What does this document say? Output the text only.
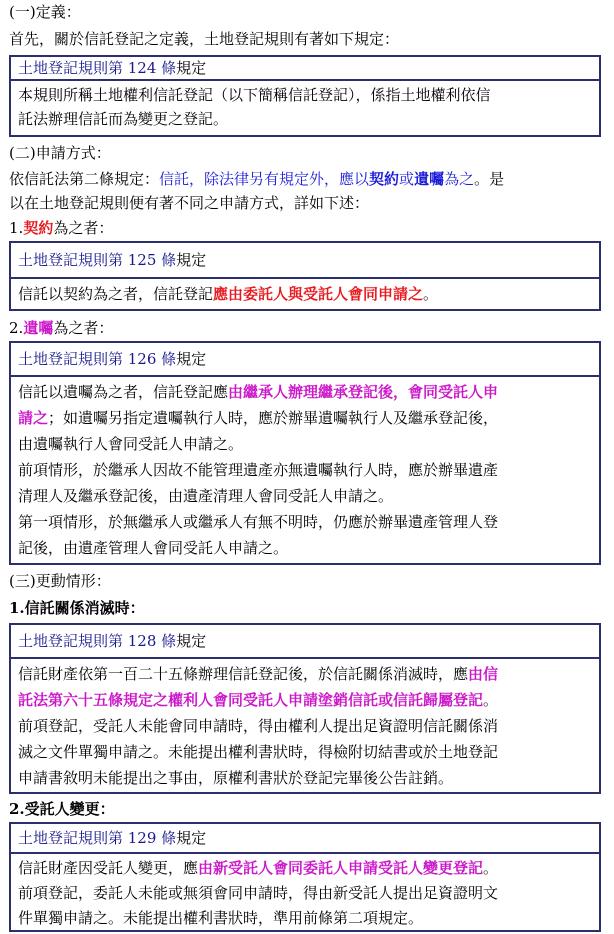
(一)定義：
首先，關於信託登記之定義，土地登記規則有著如下規定：
土地登記規則第 124 條規定
本規則所稱土地權利信託登記（以下簡稱信託登記），係指土地權利依信
託法辦理信託而為變更之登記。
(二)申請方式：
依信託法第二條規定：信託，除法律另有規定外，應以契約或遺囑為之。是
以在土地登記規則便有著不同之申請方式，詳如下述：
1.契約為之者：
土地登記規則第 125 條規定
信託以契約為之者，信託登記應由委託人與受託人會同申請之。
2.遺囑為之者：
土地登記規則第 126 條規定
信託以遺囑為之者，信託登記應由繼承人辦理繼承登記後，會同受託人申
請之；如遺囑另指定遺囑執行人時，應於辦畢遺囑執行人及繼承登記後，
由遺囑執行人會同受託人申請之。
前項情形，於繼承人因故不能管理遺產亦無遺囑執行人時，應於辦畢遺產
清理人及繼承登記後，由遺產清理人會同受託人申請之。
第一項情形，於無繼承人或繼承人有無不明時，仍應於辦畢遺產管理人登
記後，由遺產管理人會同受託人申請之。
(三)更動情形：
1.信託關係消滅時：
土地登記規則第 128 條規定
信託財產依第一百二十五條辦理信託登記後，於信託關係消滅時，應由信
託法第六十五條規定之權利人會同受託人申請塗銷信託或信託歸屬登記。
前項登記，受託人未能會同申請時，得由權利人提出足資證明信託關係消
滅之文件單獨申請之。未能提出權利書狀時，得檢附切結書或於土地登記
申請書敘明未能提出之事由，原權利書狀於登記完畢後公告註銷。
2.受託人變更：
土地登記規則第 129 條規定
信託財產因受託人變更，應由新受託人會同委託人申請受託人變更登記。
前項登記，委託人未能或無須會同申請時，得由新受託人提出足資證明文
件單獨申請之。未能提出權利書狀時，準用前條第二項規定。
